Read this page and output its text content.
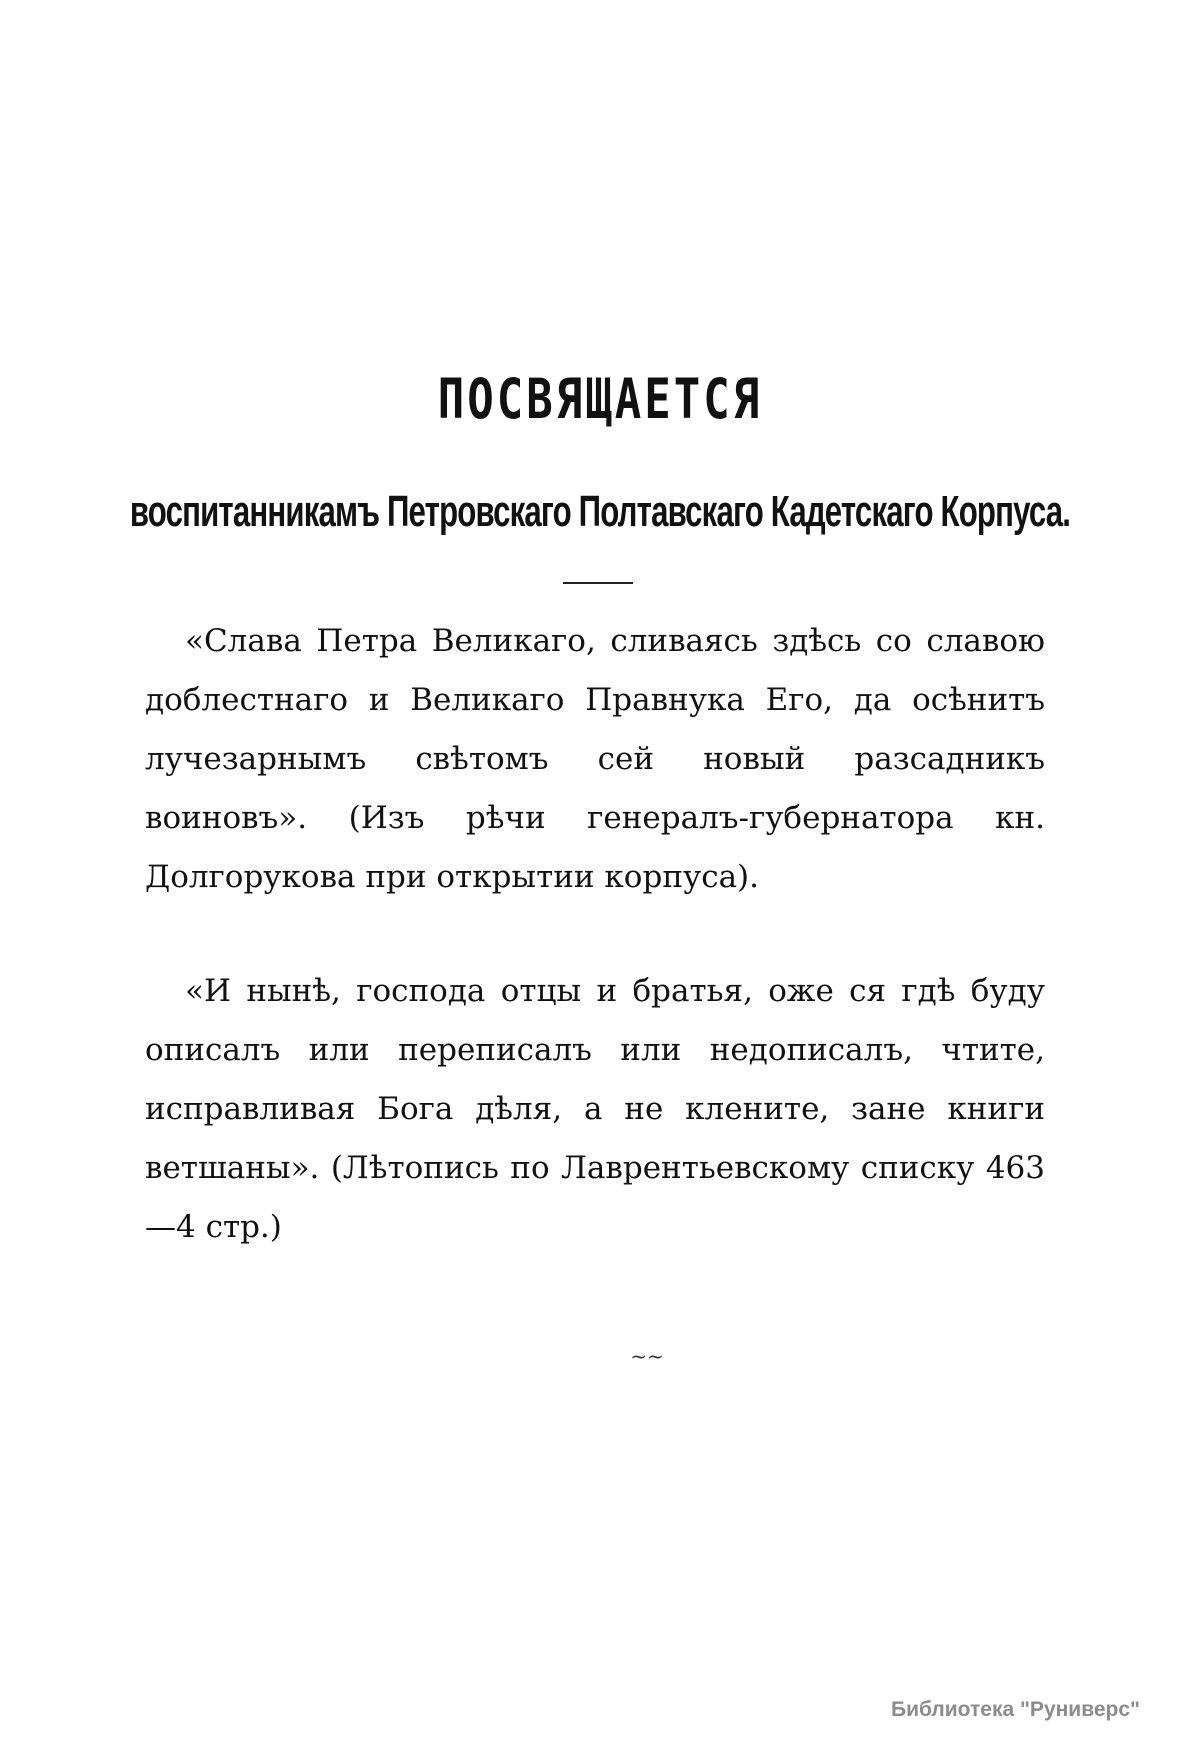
ПОСВЯЩАЕТСЯ
воспитанникамъ Петровскаго Полтавскаго Кадетскаго Корпуса.
«Слава Петра Великаго, сливаясь здѣсь со славою доблестнаго и Великаго Правнука Его, да осѣнитъ лучезарнымъ свѣтомъ сей новый разсадникъ воиновъ». (Изъ рѣчи генералъ-губернатора кн. Долгорукова при открытии корпуса).
«И нынѣ, господа отцы и братья, оже ся гдѣ буду описалъ или переписалъ или недописалъ, чтите, исправливая Бога дѣля, а не клените, зане книги ветшаны». (Лѣтопись по Лаврентьевскому списку 463—4 стр.)
~~
Библиотека "Руниверс"
